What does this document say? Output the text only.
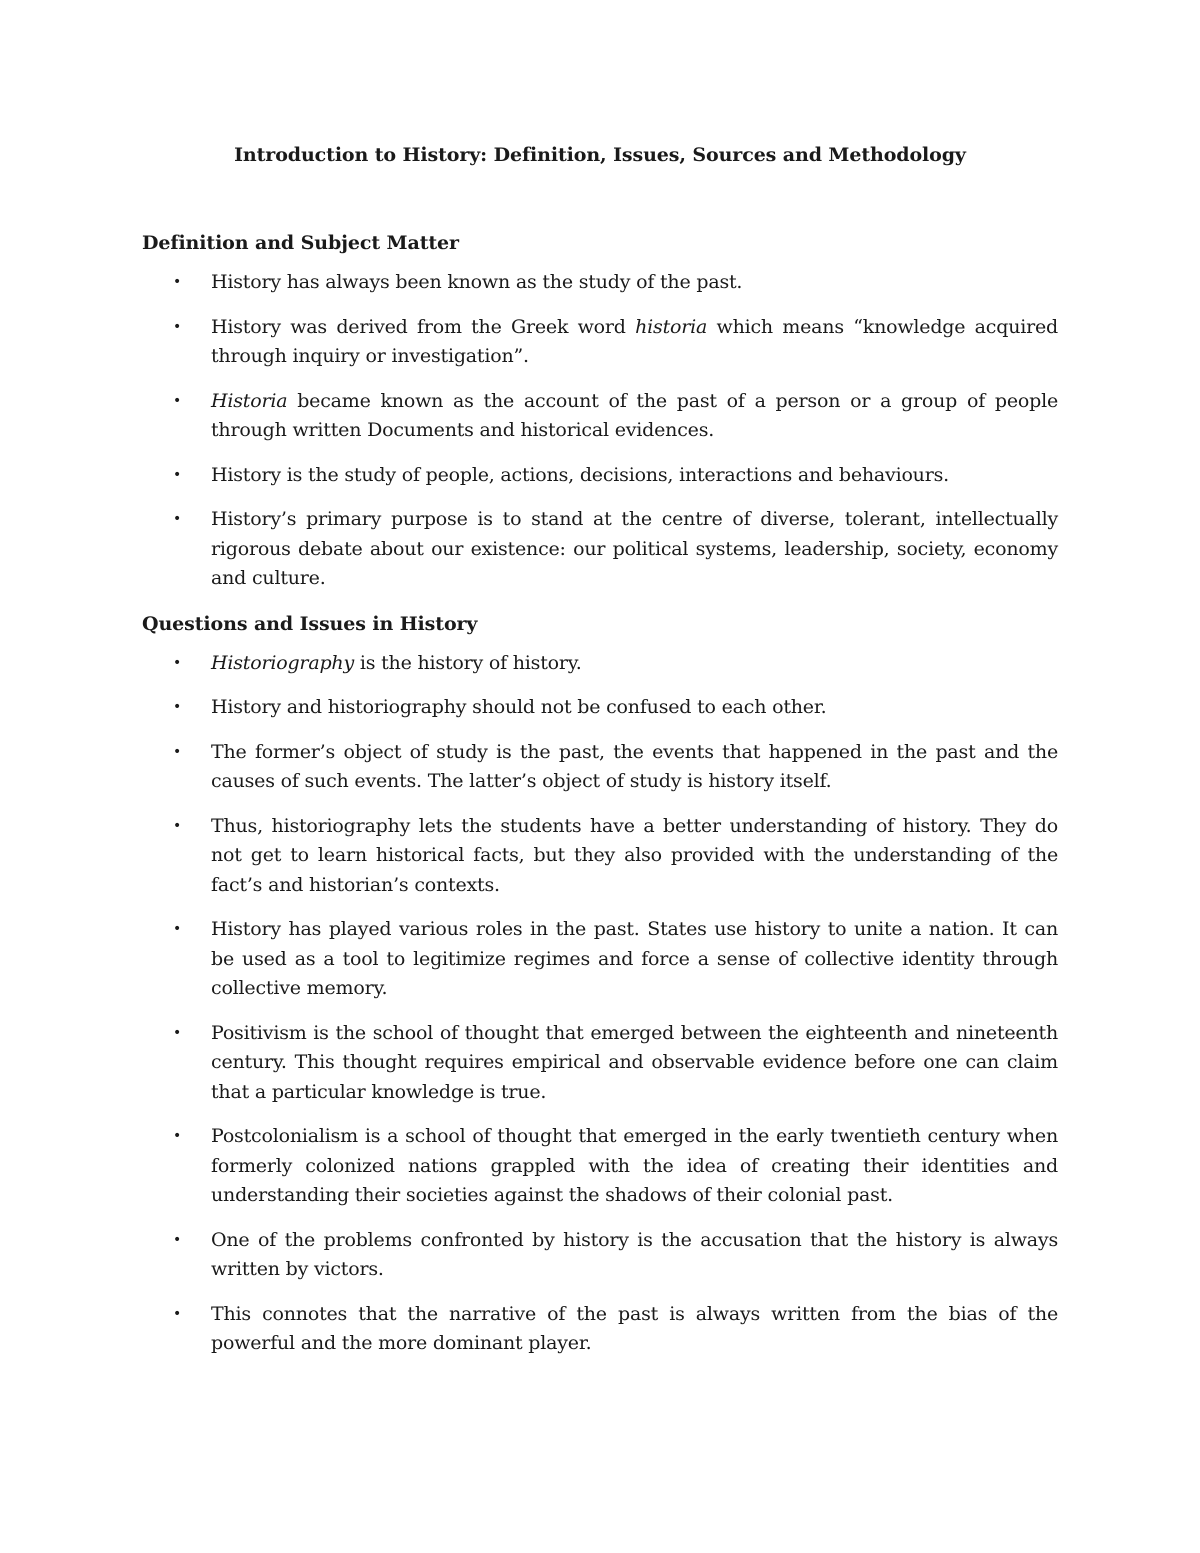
Introduction to History: Definition, Issues, Sources and Methodology
Definition and Subject Matter
• History has always been known as the study of the past.
• History was derived from the Greek word historia which means “knowledge acquired through inquiry or investigation”.
• Historia became known as the account of the past of a person or a group of people through written Documents and historical evidences.
• History is the study of people, actions, decisions, interactions and behaviours.
• History’s primary purpose is to stand at the centre of diverse, tolerant, intellectually rigorous debate about our existence: our political systems, leadership, society, economy and culture.
Questions and Issues in History
• Historiography is the history of history.
• History and historiography should not be confused to each other.
• The former’s object of study is the past, the events that happened in the past and the causes of such events. The latter’s object of study is history itself.
• Thus, historiography lets the students have a better understanding of history. They do not get to learn historical facts, but they also provided with the understanding of the fact’s and historian’s contexts.
• History has played various roles in the past. States use history to unite a nation. It can be used as a tool to legitimize regimes and force a sense of collective identity through collective memory.
• Positivism is the school of thought that emerged between the eighteenth and nineteenth century. This thought requires empirical and observable evidence before one can claim that a particular knowledge is true.
• Postcolonialism is a school of thought that emerged in the early twentieth century when formerly colonized nations grappled with the idea of creating their identities and understanding their societies against the shadows of their colonial past.
• One of the problems confronted by history is the accusation that the history is always written by victors.
• This connotes that the narrative of the past is always written from the bias of the powerful and the more dominant player.
